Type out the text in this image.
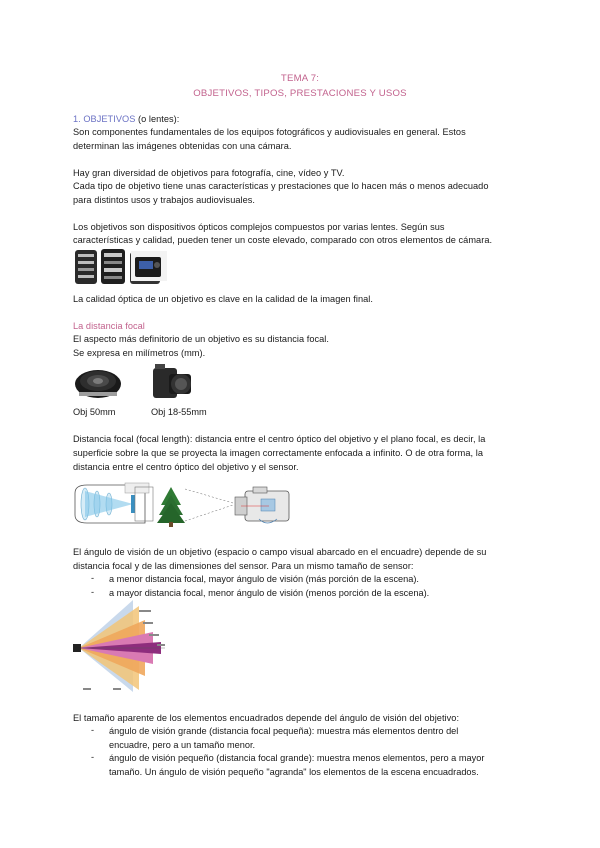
TEMA 7:
OBJETIVOS, TIPOS, PRESTACIONES Y USOS
1. OBJETIVOS (o lentes):
Son componentes fundamentales de los equipos fotográficos y audiovisuales en general. Estos
determinan las imágenes obtenidas con una cámara.
Hay gran diversidad de objetivos para fotografía, cine, vídeo y TV.
Cada tipo de objetivo tiene unas características y prestaciones que lo hacen más o menos adecuado
para distintos usos y trabajos audiovisuales.
Los objetivos son dispositivos ópticos complejos compuestos por varias lentes. Según sus
características y calidad, pueden tener un coste elevado, comparado con otros elementos de cámara.
La calidad óptica de un objetivo es clave en la calidad de la imagen final.
La distancia focal
El aspecto más definitorio de un objetivo es su distancia focal.
Se expresa en milímetros (mm).
Obj 50mm	Obj 18-55mm
Distancia focal (focal length): distancia entre el centro óptico del objetivo y el plano focal, es decir, la
superficie sobre la que se proyecta la imagen correctamente enfocada a infinito. O de otra forma, la
distancia entre el centro óptico del objetivo y el sensor.
El ángulo de visión de un objetivo (espacio o campo visual abarcado en el encuadre) depende de su
distancia focal y de las dimensiones del sensor. Para un mismo tamaño de sensor:
- a menor distancia focal, mayor ángulo de visión (más porción de la escena).
- a mayor distancia focal, menor ángulo de visión (menos porción de la escena).
El tamaño aparente de los elementos encuadrados depende del ángulo de visión del objetivo:
- ángulo de visión grande (distancia focal pequeña): muestra más elementos dentro del
encuadre, pero a un tamaño menor.
- ángulo de visión pequeño (distancia focal grande): muestra menos elementos, pero a mayor
tamaño. Un ángulo de visión pequeño "agranda" los elementos de la escena encuadrados.
